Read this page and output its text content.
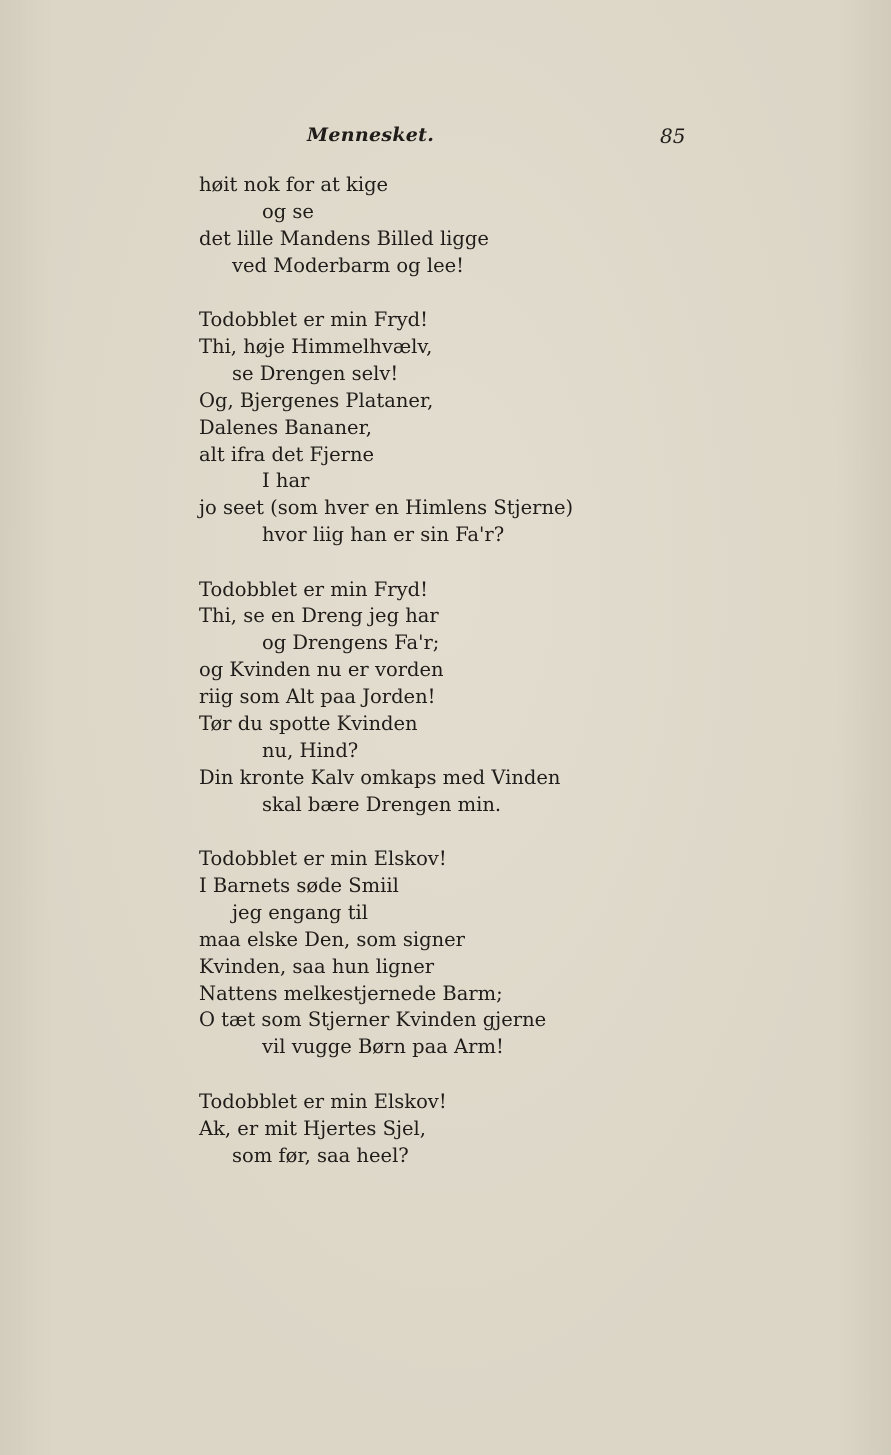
Mennesket.	85
høit nok for at kige
og se
det lille Mandens Billed ligge
ved Moderbarm og lee!
Todobblet er min Fryd!
Thi, høje Himmelhvælv,
se Drengen selv!
Og, Bjergenes Plataner,
Dalenes Bananer,
alt ifra det Fjerne
I har
jo seet (som hver en Himlens Stjerne)
hvor liig han er sin Fa'r?
Todobblet er min Fryd!
Thi, se en Dreng jeg har
og Drengens Fa'r;
og Kvinden nu er vorden
riig som Alt paa Jorden!
Tør du spotte Kvinden
nu, Hind?
Din kronte Kalv omkaps med Vinden
skal bære Drengen min.
Todobblet er min Elskov!
I Barnets søde Smiil
jeg engang til
maa elske Den, som signer
Kvinden, saa hun ligner
Nattens melkestjernede Barm;
O tæt som Stjerner Kvinden gjerne
vil vugge Børn paa Arm!
Todobblet er min Elskov!
Ak, er mit Hjertes Sjel,
som før, saa heel?
